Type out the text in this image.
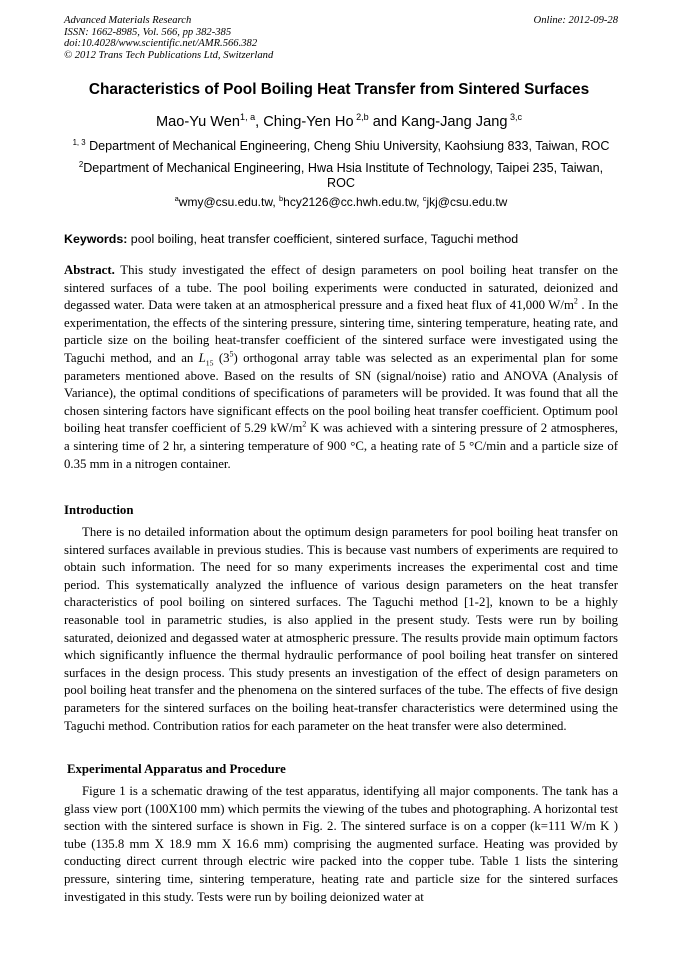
Advanced Materials Research
ISSN: 1662-8985, Vol. 566, pp 382-385
doi:10.4028/www.scientific.net/AMR.566.382
© 2012 Trans Tech Publications Ltd, Switzerland
Online: 2012-09-28
Characteristics of Pool Boiling Heat Transfer from Sintered Surfaces
Mao-Yu Wen$^{1, a}$, Ching-Yen Ho $^{2,b}$ and Kang-Jang Jang $^{3,c}$
$^{1, 3}$ Department of Mechanical Engineering, Cheng Shiu University, Kaohsiung 833, Taiwan, ROC
$^2$Department of Mechanical Engineering, Hwa Hsia Institute of Technology, Taipei 235, Taiwan, ROC
$^a$wmy@csu.edu.tw, $^b$hcy2126@cc.hwh.edu.tw, $^c$jkj@csu.edu.tw
Keywords: pool boiling, heat transfer coefficient, sintered surface, Taguchi method
Abstract. This study investigated the effect of design parameters on pool boiling heat transfer on the sintered surfaces of a tube. The pool boiling experiments were conducted in saturated, deionized and degassed water. Data were taken at an atmospherical pressure and a fixed heat flux of 41,000 $W/m^2$ . In the experimentation, the effects of the sintering pressure, sintering time, sintering temperature, heating rate, and particle size on the boiling heat-transfer coefficient of the sintered surface were investigated using the Taguchi method, and an $L_{15}$ $(3^5)$ orthogonal array table was selected as an experimental plan for some parameters mentioned above. Based on the results of SN (signal/noise) ratio and ANOVA (Analysis of Variance), the optimal conditions of specifications of parameters will be provided. It was found that all the chosen sintering factors have significant effects on the pool boiling heat transfer coefficient. Optimum pool boiling heat transfer coefficient of 5.29 $kW/m^2$ K was achieved with a sintering pressure of 2 atmospheres, a sintering time of 2 hr, a sintering temperature of 900 °C, a heating rate of 5 °C/min and a particle size of 0.35 mm in a nitrogen container.
Introduction
There is no detailed information about the optimum design parameters for pool boiling heat transfer on sintered surfaces available in previous studies. This is because vast numbers of experiments are required to obtain such information. The need for so many experiments increases the experimental cost and time period. This systematically analyzed the influence of various design parameters on the heat transfer characteristics of pool boiling on sintered surfaces. The Taguchi method [1-2], known to be a highly reasonable tool in parametric studies, is also applied in the present study. Tests were run by boiling saturated, deionized and degassed water at atmospheric pressure. The results provide main optimum factors which significantly influence the thermal hydraulic performance of pool boiling heat transfer on sintered surfaces in the design process. This study presents an investigation of the effect of design parameters on pool boiling heat transfer and the phenomena on the sintered surfaces of the tube. The effects of five design parameters for the sintered surfaces on the boiling heat-transfer characteristics were determined using the Taguchi method. Contribution ratios for each parameter on the heat transfer were also determined.
Experimental Apparatus and Procedure
Figure 1 is a schematic drawing of the test apparatus, identifying all major components. The tank has a glass view port (100X100 mm) which permits the viewing of the tubes and photographing. A horizontal test section with the sintered surface is shown in Fig. 2. The sintered surface is on a copper (k=111 W/m K ) tube (135.8 mm X 18.9 mm X 16.6 mm) comprising the augmented surface. Heating was provided by conducting direct current through electric wire packed into the copper tube. Table 1 lists the sintering pressure, sintering time, sintering temperature, heating rate and particle size for the sintered surfaces investigated in this study. Tests were run by boiling deionized water at
